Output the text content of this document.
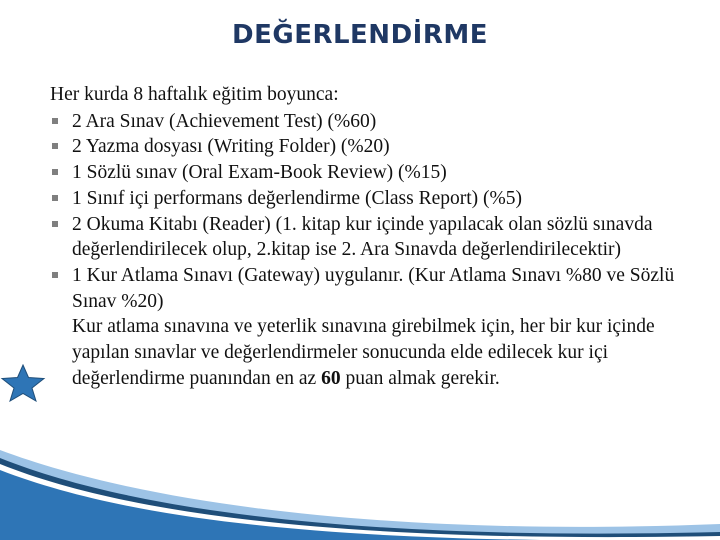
DEĞERLENDİRME

Her kurda 8 haftalık eğitim boyunca:

2 Ara Sınav (Achievement Test) (%60)
2 Yazma dosyası (Writing Folder) (%20)
1 Sözlü sınav (Oral Exam-Book Review) (%15)
1 Sınıf içi performans değerlendirme (Class Report) (%5)
2 Okuma Kitabı (Reader) (1. kitap kur içinde yapılacak olan sözlü sınavda değerlendirilecek olup, 2.kitap ise 2. Ara Sınavda değerlendirilecektir)
1 Kur Atlama Sınavı (Gateway) uygulanır. (Kur Atlama Sınavı %80 ve Sözlü Sınav %20)

Kur atlama sınavına ve yeterlik sınavına girebilmek için, her bir kur içinde yapılan sınavlar ve değerlendirmeler sonucunda elde edilecek kur içi değerlendirme puanından en az 60 puan almak gerekir.
